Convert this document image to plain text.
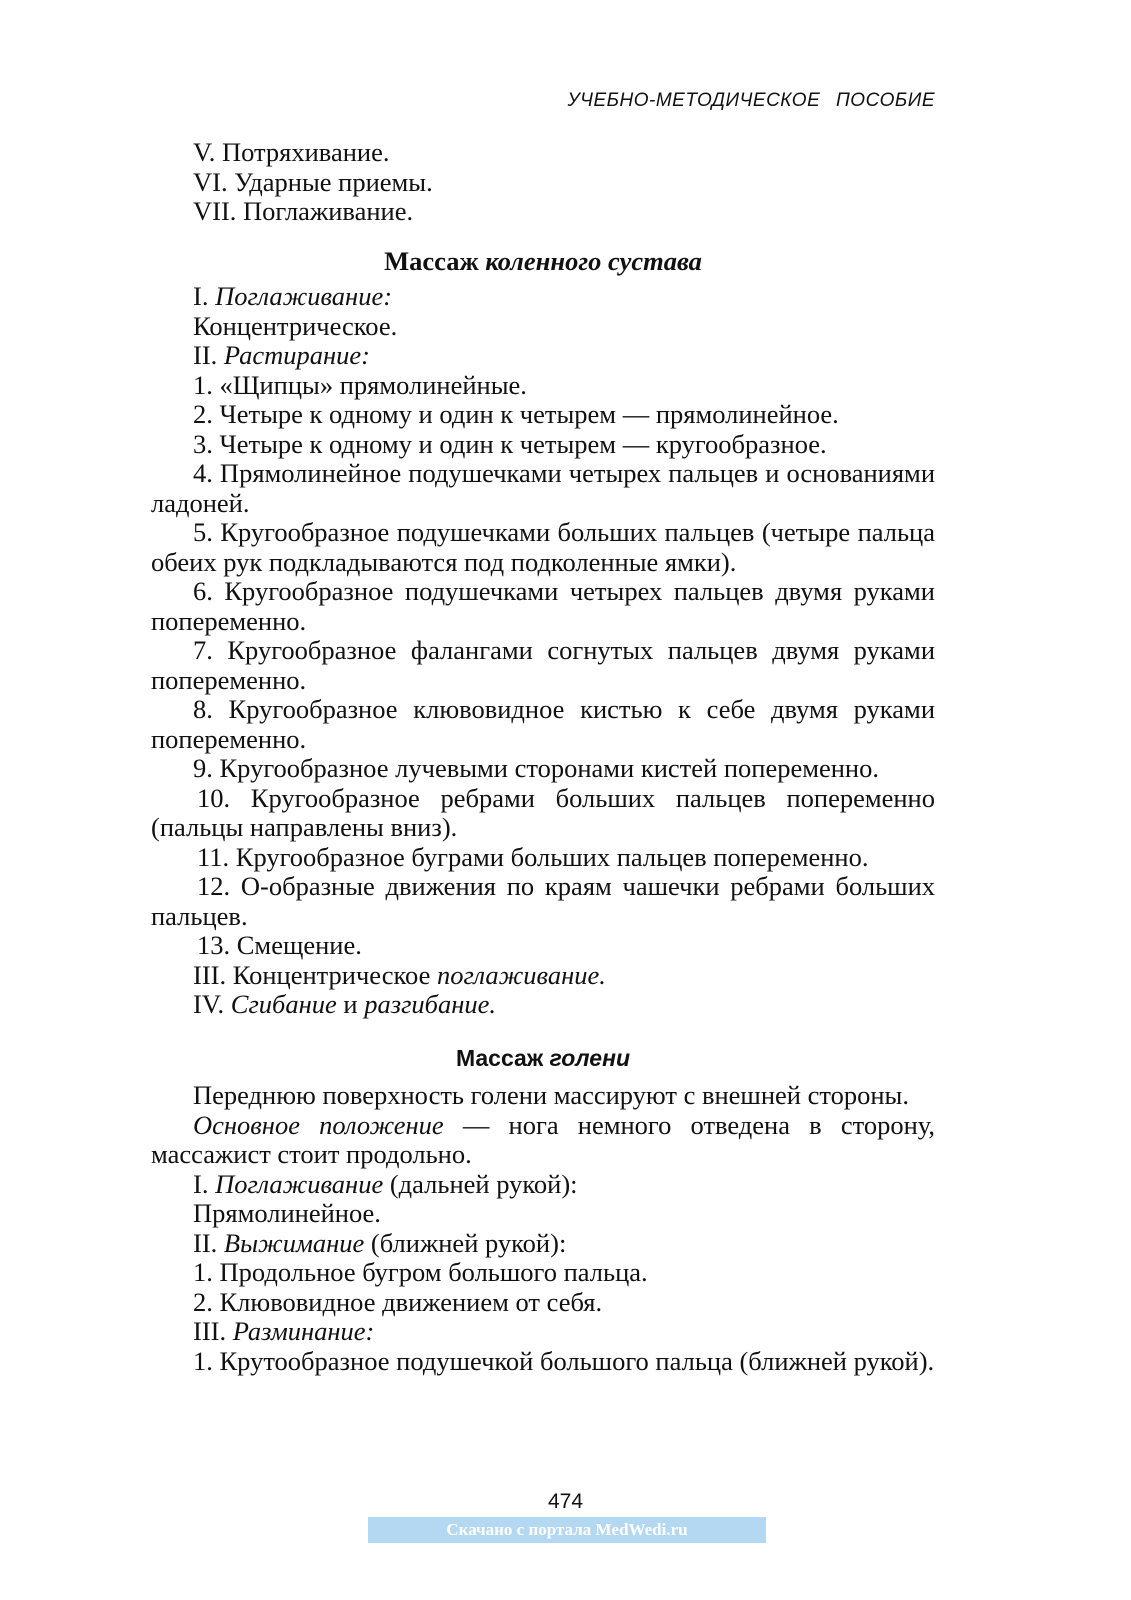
УЧЕБНО-МЕТОДИЧЕСКОЕ ПОСОБИЕ

V. Потряхивание.

VI. Ударные приемы.

VII. Поглаживание.

Массаж коленного сустава

I. Поглаживание:

Концентрическое.

II. Растирание:

1. «Щипцы» прямолинейные.

2. Четыре к одному и один к четырем — прямолинейное.

3. Четыре к одному и один к четырем — кругообразное.

4. Прямолинейное подушечками четырех пальцев и основаниями ладоней.

5. Кругообразное подушечками больших пальцев (четыре пальца обеих рук подкладываются под подколенные ямки).

6. Кругообразное подушечками четырех пальцев двумя руками попеременно.

7. Кругообразное фалангами согнутых пальцев двумя руками попеременно.

8. Кругообразное клювовидное кистью к себе двумя руками попеременно.

9. Кругообразное лучевыми сторонами кистей попеременно.

10. Кругообразное ребрами больших пальцев попеременно (пальцы направлены вниз).

11. Кругообразное буграми больших пальцев попеременно.

12. О-образные движения по краям чашечки ребрами больших пальцев.

13. Смещение.

III. Концентрическое поглаживание.

IV. Сгибание и разгибание.

Массаж голени

Переднюю поверхность голени массируют с внешней стороны.

Основное положение — нога немного отведена в сторону, массажист стоит продольно.

I. Поглаживание (дальней рукой):

Прямолинейное.

II. Выжимание (ближней рукой):

1. Продольное бугром большого пальца.

2. Клювовидное движением от себя.

III. Разминание:

1. Крутообразное подушечкой большого пальца (ближней рукой).

474
Скачано с портала MedWedi.ru
